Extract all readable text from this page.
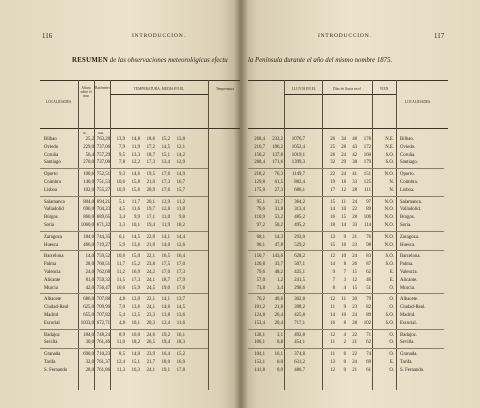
116	INTRODUCCION.
RESUMEN de las observaciones meteorológicas efectu
LOCALIDADES.
Altura sobre el mar
Barómetro	TEMPERATURA, MEDIA EN EL	Temperatura
m.	mm.
Bilbao	25,2 763,28	13,9	14,8	18,6	15,2	13,8
Oviedo	229,0 737,06	7,9	11,9	17,2	14,5	12,1
Coruña	56,4 757,29	9,5	13,3	18,7	15,1	14,2
Santiago	270,0 737,00	7,8	12,2	17,3	13,4	12,9
Oporto	100,6 752,51	9,3	14,6	19,5	17,6	14,9
Coimbra	140,0 751,53	10,6	15,8	21,0	17,3	16,7
Lisboa	102,0 755,27	10,9	15,6	20,9	17,6	15,7
Salamanca	804,0 694,21	5,1	11,7	20,1	12,9	11,2
Valladolid	696,0 704,23	4,5	11,6	19,7	12,8	11,0
Búrgos	860,0 689,65	3,4	9,9	17,1	11,0	9,8
Soria	1060,0 671,22	3,3	10,1	19,4	11,9	10,2
Zaragoza	184,0 744,35	6,1	14,5	22,0	14,1	14,4
Huesca	466,0 719,27	5,9	13,6	21,0	14,0	12,6
Barcelona	14,0 759,52	10,6	15,0	22,1	16,5	16,4
Palma	28,0 760,51	11,7	15,2	23,8	17,5	17,0
Valencia	24,0 762,68	11,2	16,9	24,2	17,0	17,3
Alicante	81,0 759,32	11,5	17,3	24,1	18,7	17,9
Murcia	42,0 756,47	10,6	15,9	24,5	19,0	17,6
Albacete	686,0 707,88	4,8	12,0	22,1	14,1	13,7
Ciudad-Real	625,0 709,96	7,0	13,6	24,1	14,6	14,5
Madrid	655,0 707,82	5,4	12,5	23,3	13,8	13,6
Escorial	1033,0 672,71	4,8	10,1	20,3	12,4	11,6
Badajoz	184,0 748,24	8,9	16,0	24,6	19,2	16,1
Sevilla	30,0 761,46	11,0	18,2	26,5	19,4	18,3
Granada	690,0 710,23	8,5	14,0	23,9	16,4	15,2
Tarifa	32,0 761,37	12,4	15,1	21,7	18,0	16,9
S. Fernando	28,0 761,86	11,3	16,3	24,1	19,1	17,8
INTRODUCCION.	117
la Península durante el año del mismo nombre 1875.
LLUVIA EN EL	Días de lluvia en el	VIEN
LOCALIDADES.
268,4	233,2	1076,7	26	34	48	178	N.E. Bilbao.
210,7	106,2	1052,4	25	28	43	172	N.E. Oviedo.
156,2	137,8	1019,1	26	24	42	160	S.O. Coruña.
288,4	171,6	1399,3	32	29	38	179	S.O. Santiago.
218,2	76,3	1149,7	22	24	41	151	N.O. Oporto.
129,8	61,5	882,4	19	18	33	125	N. Coimbra.
175,9	27,3	686,1	17	12	28	111	N. Lisboa.
95,1	31,7	364,2	15	11	24	97	N.O. Salamanca.
79,6	31,8	313,4	14	10	22	89	N.O. Valladolid.
110,9	53,2	485,2	16	15	28	106	N.O. Búrgos.
97,2	58,2	495,2	18	14	33	114	N.O. Soria.
68,1	14,3	293,0	13	9	21	76	N.O. Zaragoza.
90,1	47,8	529,2	15	16	23	98	N.O. Huesca.
150,7	143,6	628,2	12	10	24	83	S.O. Barcelona.
120,8	33,7	507,1	14	8	26	87	S.O. Palma.
79,6	48,2	425,1	9	7	15	62	E. Valencia.
57,0	1,2	241,5	7	3	12	46	E. Alicante.
73,8	3,4	298,6	8	4	15	51	O. Murcia.
76,2	40,6	362,8	12	11	20	79	O. Albacete.
101,2	21,8	398,2	11	9	23	82	O. Ciudad-Real.
124,8	26,4	425,8	14	10	24	89	S.O. Madrid.
153,4	20,4	717,1	16	8	28	102	S.O. Escorial.
128,1	3,1	492,8	12	4	22	71	O. Badajoz.
106,1	0,8	454,1	11	2	21	62	O. Sevilla.
104,1	16,1	374,8	11	6	22	74	O. Granada.
152,1	0,0	631,2	13	0	24	69	E. Tarifa.
141,8	0,0	486,7	12	0	21	61	O. S. Fernando.
